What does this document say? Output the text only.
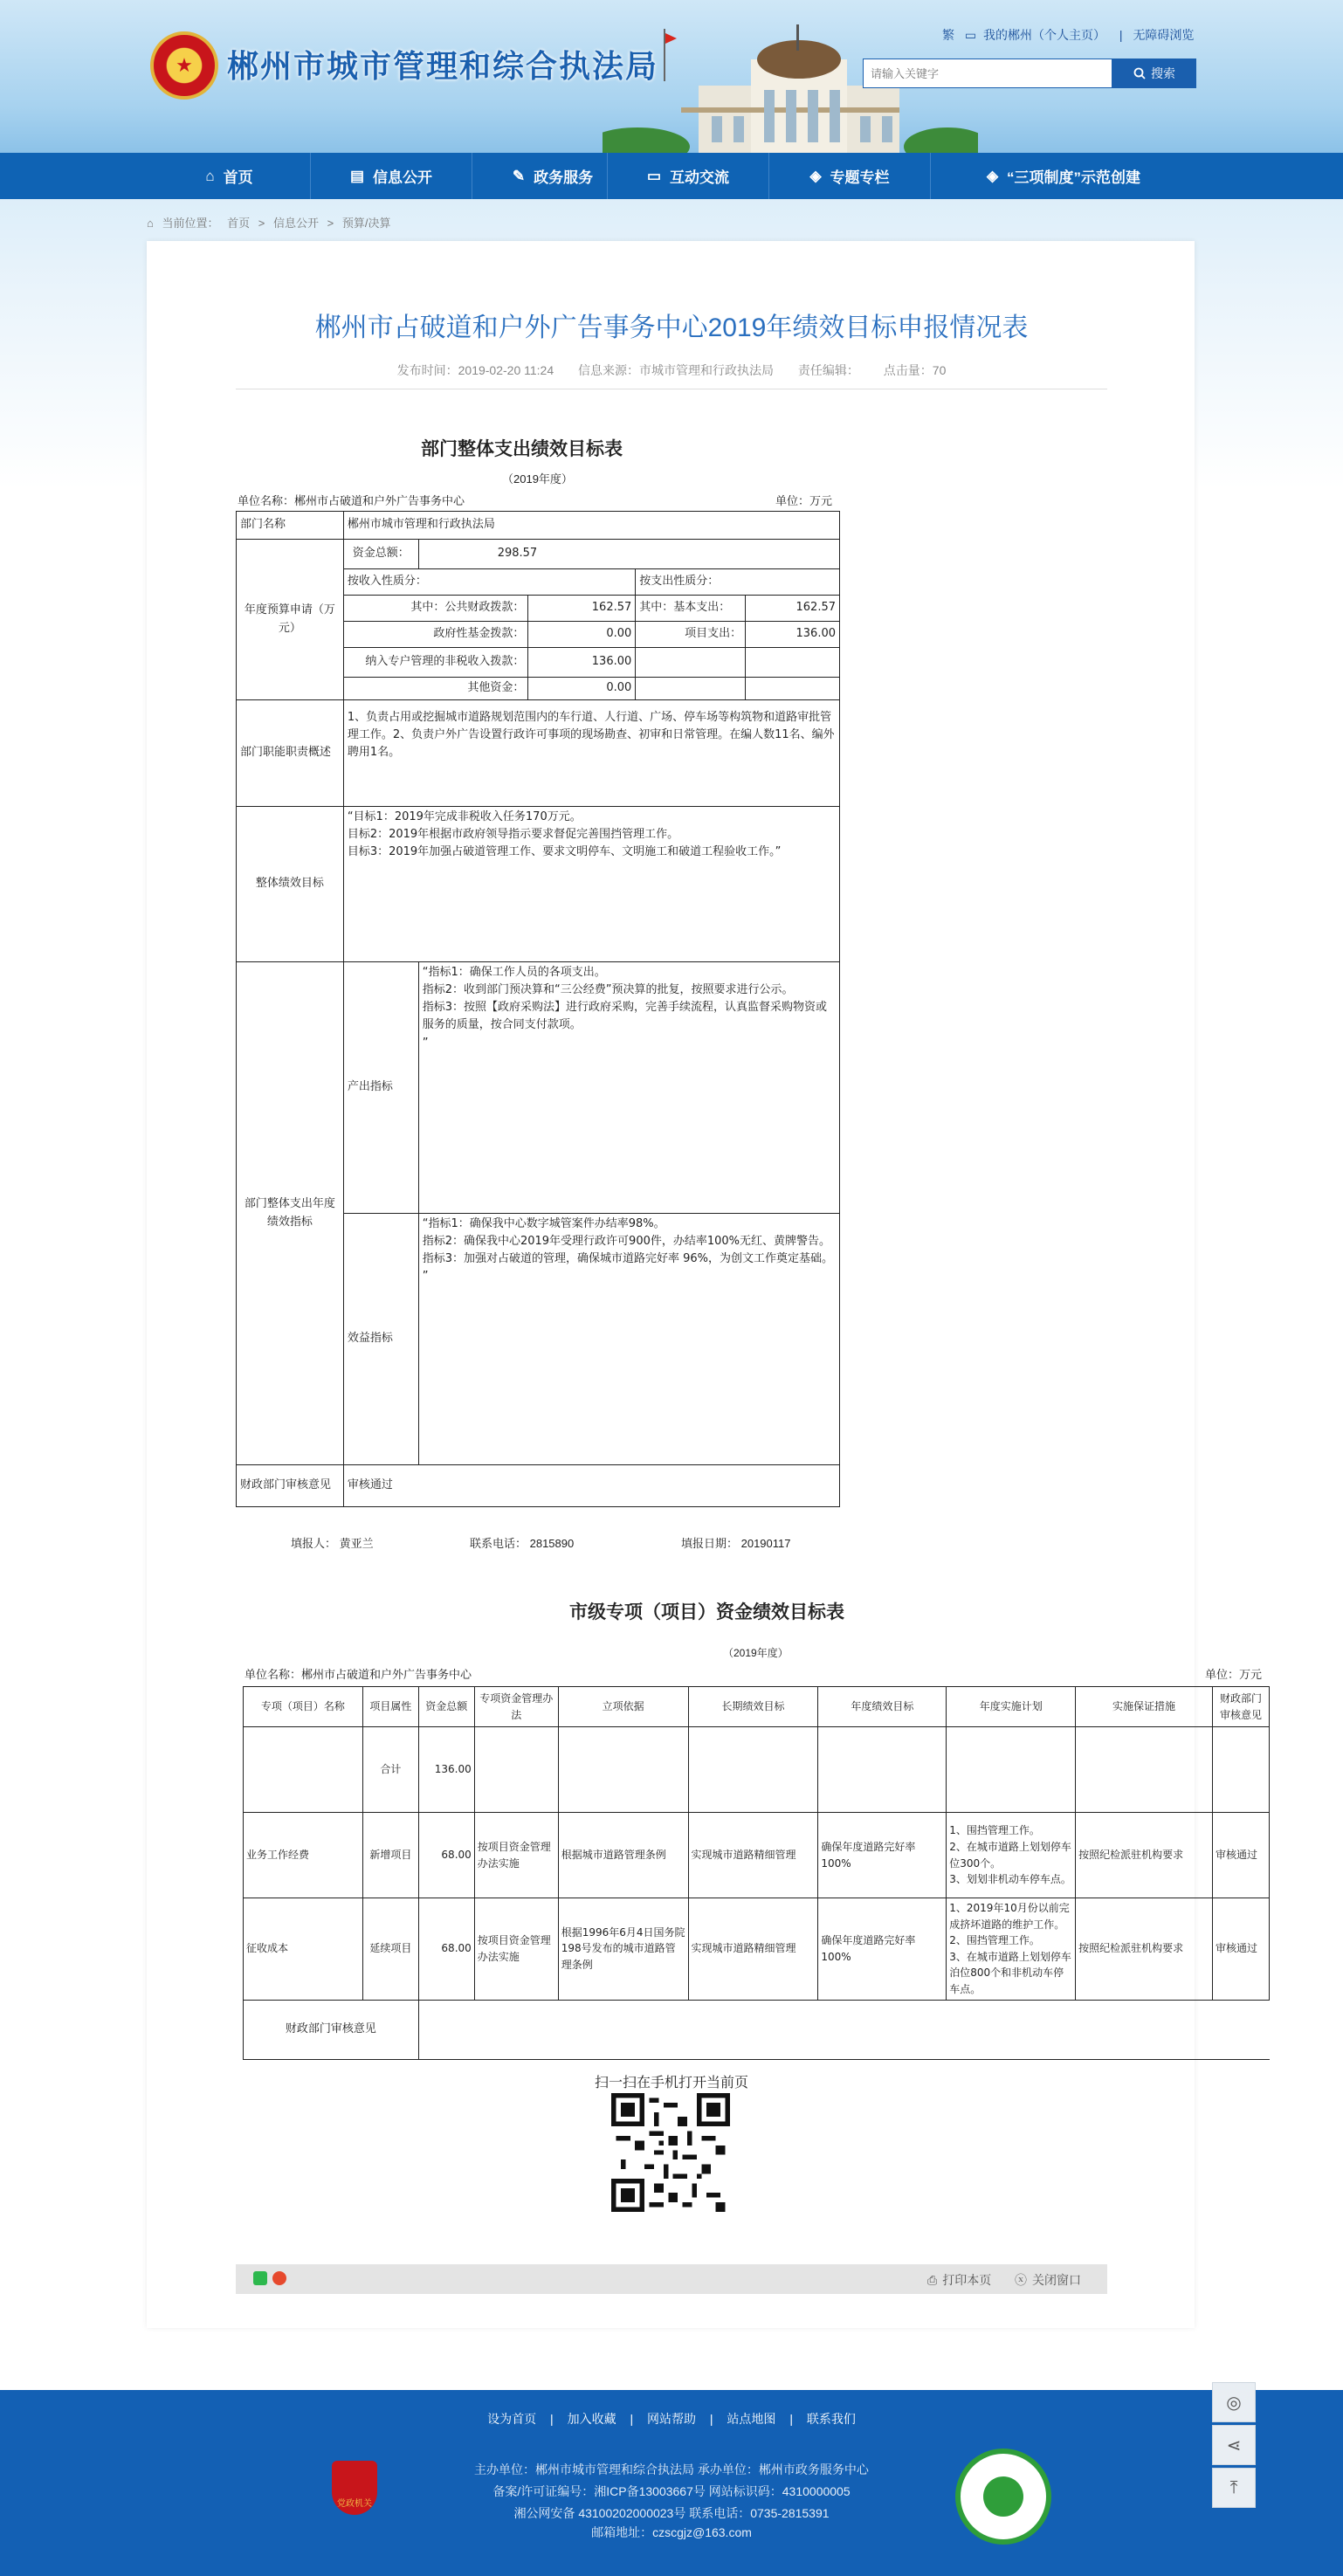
★	郴州市城市管理和综合执法局
繁 ▭ 我的郴州（个人主页） | 无障碍浏览
请输入关键字
搜索
⌂ 首页	▤ 信息公开	✎ 政务服务	▭ 互动交流	◈ 专题专栏	◈ “三项制度”示范创建
⌂ 当前位置： 首页 > 信息公开 > 预算/决算
郴州市占破道和户外广告事务中心2019年绩效目标申报情况表
发布时间：2019-02-20 11:24 信息来源：市城市管理和行政执法局 责任编辑： 点击量：70
部门整体支出绩效目标表
（2019年度）
单位名称：郴州市占破道和户外广告事务中心	单位：万元
部门名称	郴州市城市管理和行政执法局				
年度预算申请（万元）	资金总额：	298.57			
	按收入性质分：			按支出性质分：	
	其中：公共财政拨款：		162.57	其中：基本支出：	162.57
	政府性基金拨款：		0.00	项目支出：	136.00
	纳入专户管理的非税收入拨款：		136.00		
	其他资金：		0.00		
部门职能职责概述	1、负责占用或挖掘城市道路规划范围内的车行道、人行道、广场、停车场等构筑物和道路审批管理工作。2、负责户外广告设置行政许可事项的现场勘查、初审和日常管理。在编人数11名、编外聘用1名。				
整体绩效目标	“目标1：2019年完成非税收入任务170万元。
目标2：2019年根据市政府领导指示要求督促完善围挡管理工作。
目标3：2019年加强占破道管理工作、要求文明停车、文明施工和破道工程验收工作。”				
部门整体支出年度绩效指标	产出指标	“指标1：确保工作人员的各项支出。
指标2：收到部门预决算和“三公经费”预决算的批复，按照要求进行公示。
指标3：按照【政府采购法】进行政府采购，完善手续流程，认真监督采购物资或服务的质量，按合同支付款项。
”			
	效益指标	“指标1：确保我中心数字城管案件办结率98%。
指标2：确保我中心2019年受理行政许可900件，办结率100%无红、黄牌警告。
指标3：加强对占破道的管理，确保城市道路完好率 96%，为创文工作奠定基础。
”			
财政部门审核意见	审核通过				
填报人： 黄亚兰	联系电话： 2815890	填报日期： 20190117
市级专项（项目）资金绩效目标表
（2019年度）
单位名称：郴州市占破道和户外广告事务中心	单位：万元
专项（项目）名称	项目属性	资金总额	专项资金管理办法	立项依据	长期绩效目标	年度绩效目标	年度实施计划	实施保证措施	财政部门审核意见
	合计	136.00							
业务工作经费	新增项目	68.00	按项目资金管理办法实施	根据城市道路管理条例	实现城市道路精细管理	确保年度道路完好率100%	1、围挡管理工作。
2、在城市道路上划划停车位300个。
3、划划非机动车停车点。	按照纪检派驻机构要求	审核通过
征收成本	延续项目	68.00	按项目资金管理办法实施	根据1996年6月4日国务院198号发布的城市道路管理条例	实现城市道路精细管理	确保年度道路完好率100%	1、2019年10月份以前完成挤坏道路的维护工作。
2、围挡管理工作。
3、在城市道路上划划停车泊位800个和非机动车停车点。	按照纪检派驻机构要求	审核通过
财政部门审核意见									
扫一扫在手机打开当前页
⎙ 打印本页 ⓧ 关闭窗口
设为首页 | 加入收藏 | 网站帮助 | 站点地图 | 联系我们
党政机关
主办单位：郴州市城市管理和综合执法局 承办单位：郴州市政务服务中心
备案/许可证编号：湘ICP备13003667号 网站标识码：4310000005
湘公网安备 43100202000023号 联系电话：0735-2815391
邮箱地址：czscgjz@163.com
◎
⋖
⤒
